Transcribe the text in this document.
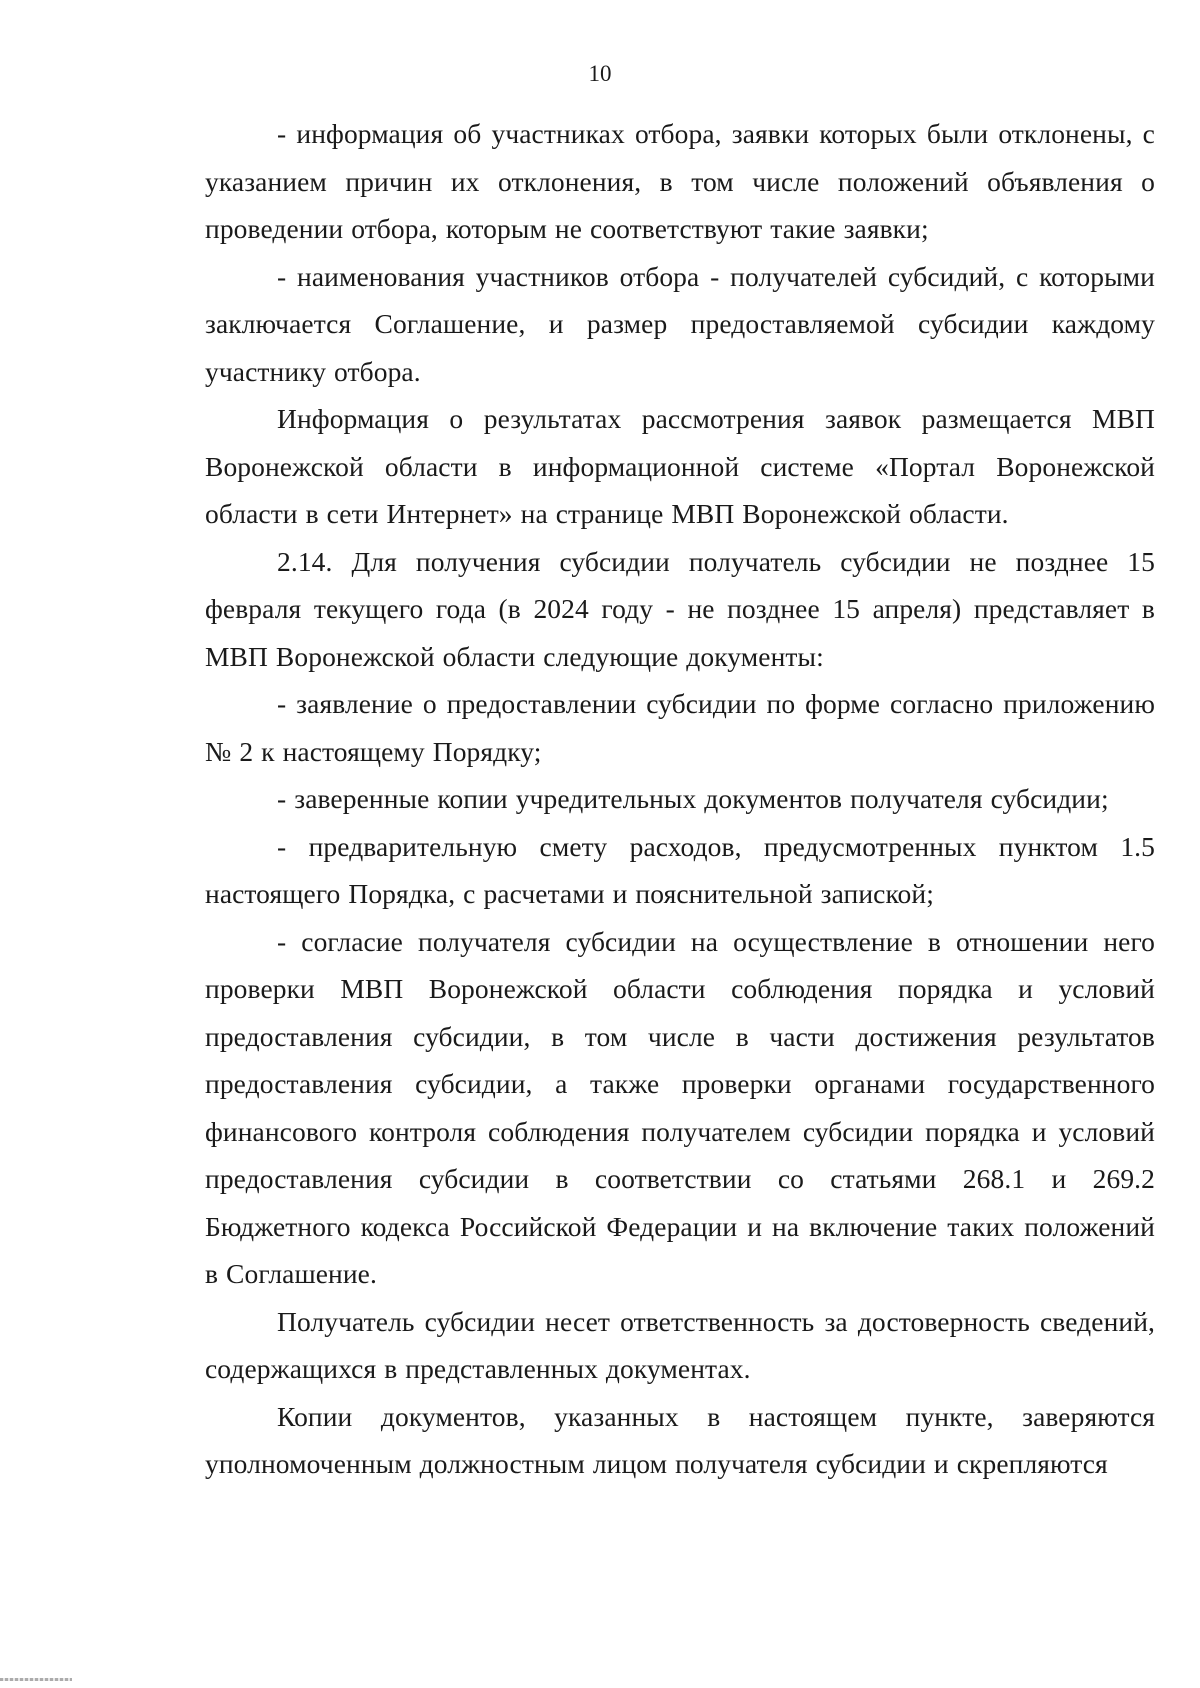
10

- информация об участниках отбора, заявки которых были отклонены, с указанием причин их отклонения, в том числе положений объявления о проведении отбора, которым не соответствуют такие заявки;

- наименования участников отбора - получателей субсидий, с которыми заключается Соглашение, и размер предоставляемой субсидии каждому участнику отбора.

Информация о результатах рассмотрения заявок размещается МВП Воронежской области в информационной системе «Портал Воронежской области в сети Интернет» на странице МВП Воронежской области.

2.14. Для получения субсидии получатель субсидии не позднее 15 февраля текущего года (в 2024 году - не позднее 15 апреля) представляет в МВП Воронежской области следующие документы:

- заявление о предоставлении субсидии по форме согласно приложению № 2 к настоящему Порядку;

- заверенные копии учредительных документов получателя субсидии;

- предварительную смету расходов, предусмотренных пунктом 1.5 настоящего Порядка, с расчетами и пояснительной запиской;

- согласие получателя субсидии на осуществление в отношении него проверки МВП Воронежской области соблюдения порядка и условий предоставления субсидии, в том числе в части достижения результатов предоставления субсидии, а также проверки органами государственного финансового контроля соблюдения получателем субсидии порядка и условий предоставления субсидии в соответствии со статьями 268.1 и 269.2 Бюджетного кодекса Российской Федерации и на включение таких положений в Соглашение.

Получатель субсидии несет ответственность за достоверность сведений, содержащихся в представленных документах.

Копии документов, указанных в настоящем пункте, заверяются уполномоченным должностным лицом получателя субсидии и скрепляются
